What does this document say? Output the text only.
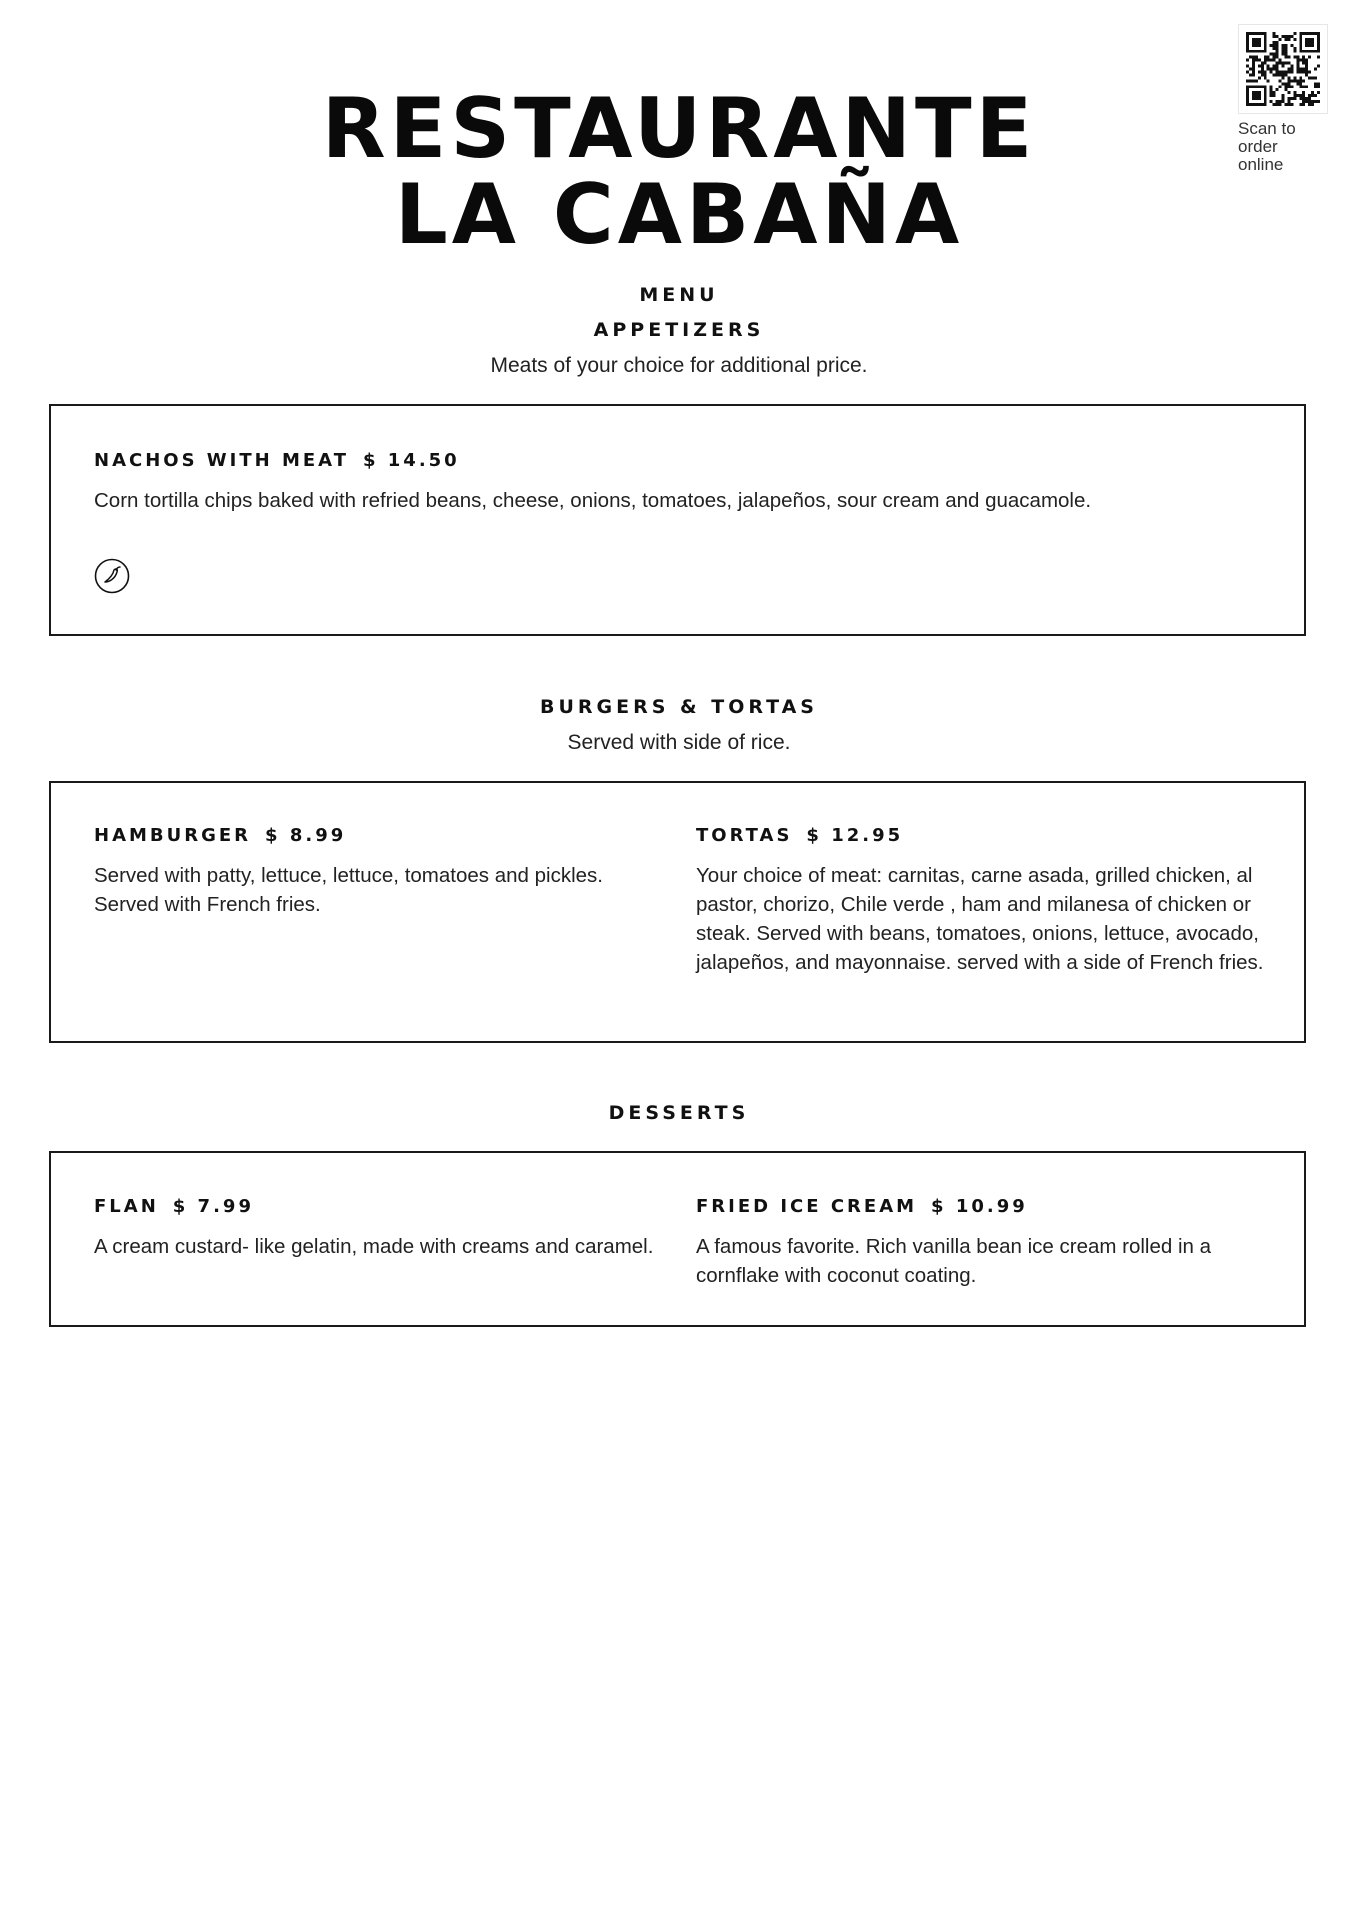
Scan to order online
RESTAURANTE
LA CABAÑA
MENU
APPETIZERS
Meats of your choice for additional price.
NACHOS WITH MEAT $ 14.50
Corn tortilla chips baked with refried beans, cheese, onions, tomatoes, jalapeños, sour cream and guacamole.
BURGERS & TORTAS
Served with side of rice.
HAMBURGER $ 8.99
Served with patty, lettuce, lettuce, tomatoes and pickles. Served with French fries.
TORTAS $ 12.95
Your choice of meat: carnitas, carne asada, grilled chicken, al pastor, chorizo, Chile verde , ham and milanesa of chicken or steak. Served with beans, tomatoes, onions, lettuce, avocado, jalapeños, and mayonnaise. served with a side of French fries.
DESSERTS
FLAN $ 7.99
A cream custard- like gelatin, made with creams and caramel.
FRIED ICE CREAM $ 10.99
A famous favorite. Rich vanilla bean ice cream rolled in a cornflake with coconut coating.
